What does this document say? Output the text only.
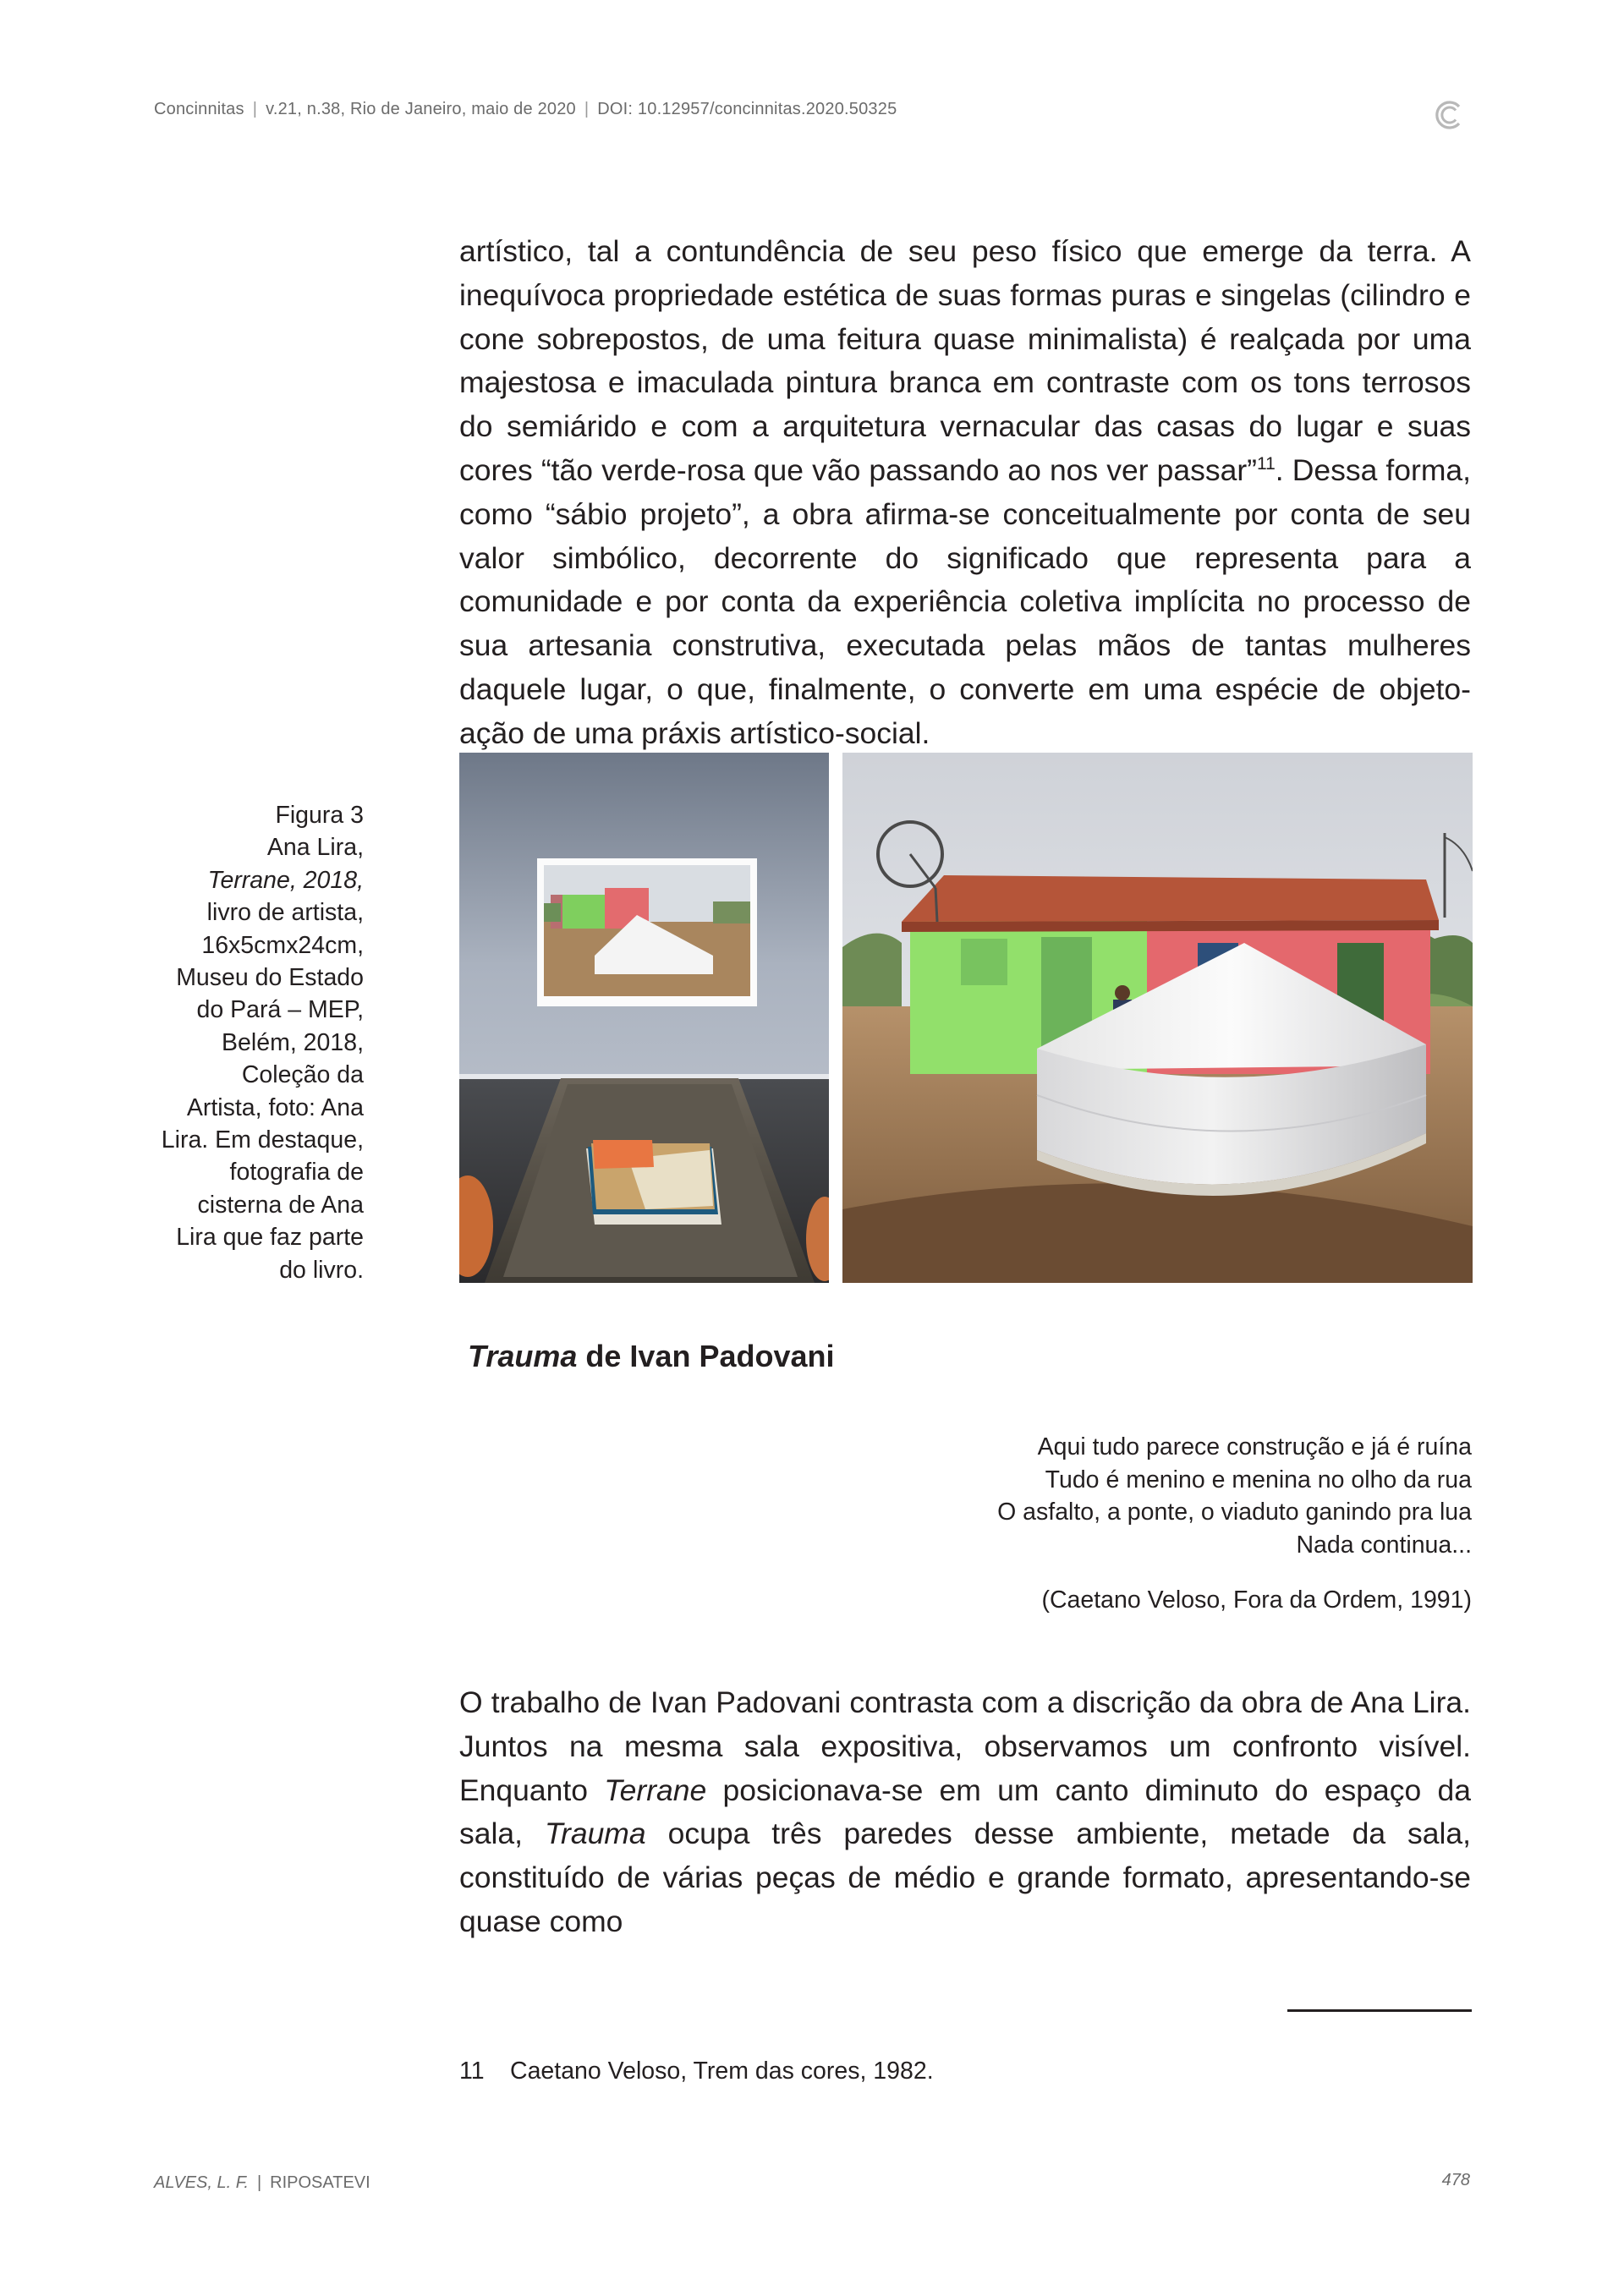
Concinnitas | v.21, n.38, Rio de Janeiro, maio de 2020 | DOI: 10.12957/concinnitas.2020.50325

artístico, tal a contundência de seu peso físico que emerge da terra. A inequívoca propriedade estética de suas formas puras e singelas (cilindro e cone sobrepostos, de uma feitura quase minimalista) é realçada por uma majestosa e imaculada pintura branca em contraste com os tons terrosos do semiárido e com a arquitetura vernacular das casas do lugar e suas cores “tão verde-rosa que vão passando ao nos ver passar”$^{11}$. Dessa forma, como “sábio projeto”, a obra afirma-se conceitualmente por conta de seu valor simbólico, decorrente do significado que representa para a comunidade e por conta da experiência coletiva implícita no processo de sua artesania construtiva, executada pelas mãos de tantas mulheres daquele lugar, o que, finalmente, o converte em uma espécie de objeto-ação de uma práxis artístico-social.

Figura 3
Ana Lira,
Terrane, 2018,
livro de artista,
16x5cmx24cm,
Museu do Estado
do Pará – MEP,
Belém, 2018,
Coleção da
Artista, foto: Ana
Lira. Em destaque,
fotografia de
cisterna de Ana
Lira que faz parte
do livro.
Trauma de Ivan Padovani
Aqui tudo parece construção e já é ruína
Tudo é menino e menina no olho da rua
O asfalto, a ponte, o viaduto ganindo pra lua
Nada continua...
(Caetano Veloso, Fora da Ordem, 1991)

O trabalho de Ivan Padovani contrasta com a discrição da obra de Ana Lira. Juntos na mesma sala expositiva, observamos um confronto visível. Enquanto Terrane posicionava-se em um canto diminuto do espaço da sala, Trauma ocupa três paredes desse ambiente, metade da sala, constituído de várias peças de médio e grande formato, apresentando-se quase como

11 Caetano Veloso, Trem das cores, 1982.
ALVES, L. F. | RIPOSATEVI	478
